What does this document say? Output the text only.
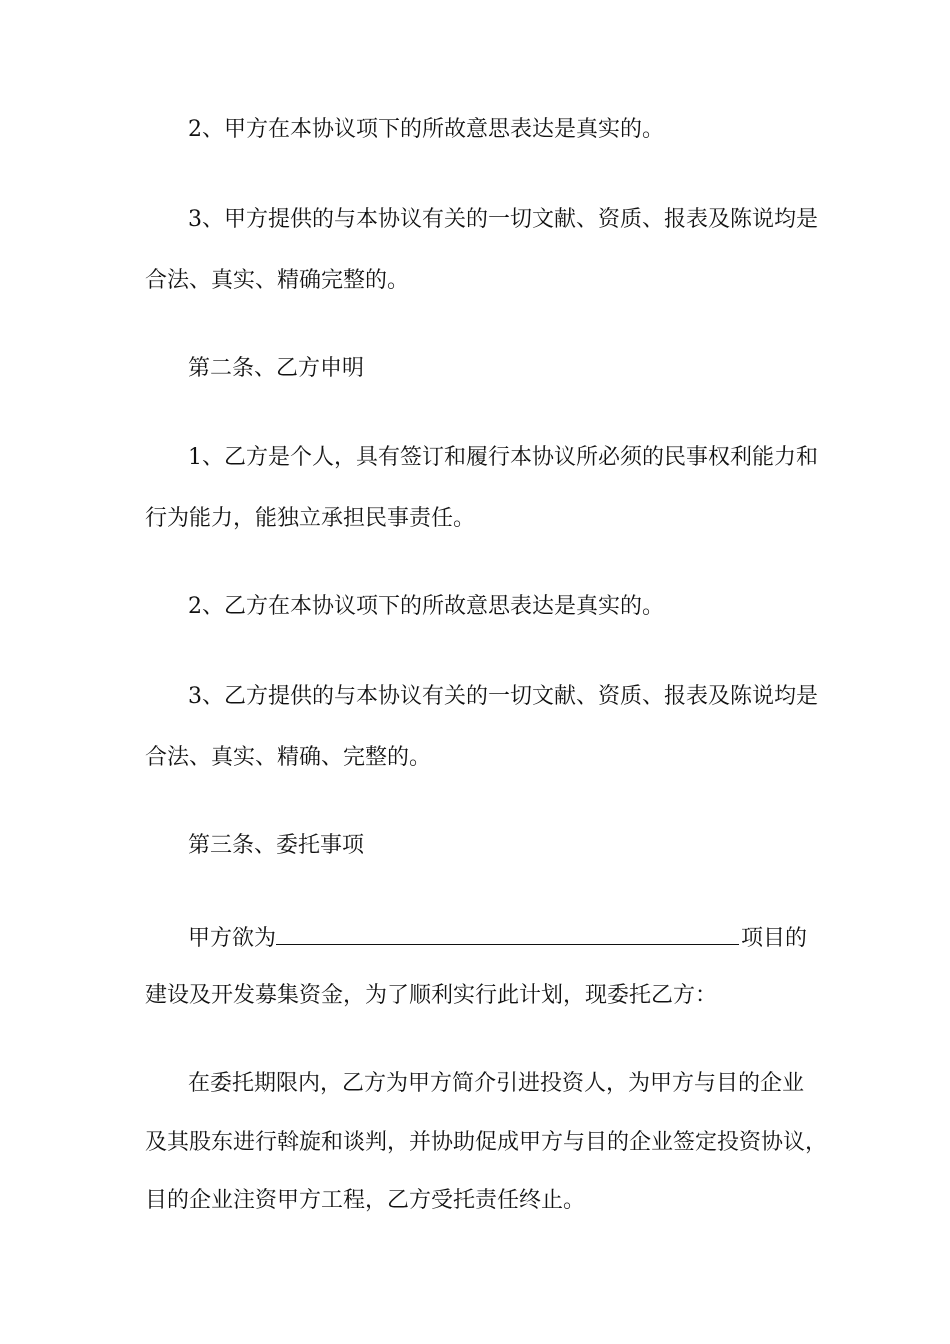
2、甲方在本协议项下的所故意思表达是真实的。
3、甲方提供的与本协议有关的一切文献、资质、报表及陈说均是
合法、真实、精确完整的。
第二条、乙方申明
1、乙方是个人，具有签订和履行本协议所必须的民事权利能力和
行为能力，能独立承担民事责任。
2、乙方在本协议项下的所故意思表达是真实的。
3、乙方提供的与本协议有关的一切文献、资质、报表及陈说均是
合法、真实、精确、完整的。
第三条、委托事项
甲方欲为	项目的
建设及开发募集资金，为了顺利实行此计划，现委托乙方：
在委托期限内，乙方为甲方简介引进投资人，为甲方与目的企业
及其股东进行斡旋和谈判，并协助促成甲方与目的企业签定投资协议，
目的企业注资甲方工程，乙方受托责任终止。
